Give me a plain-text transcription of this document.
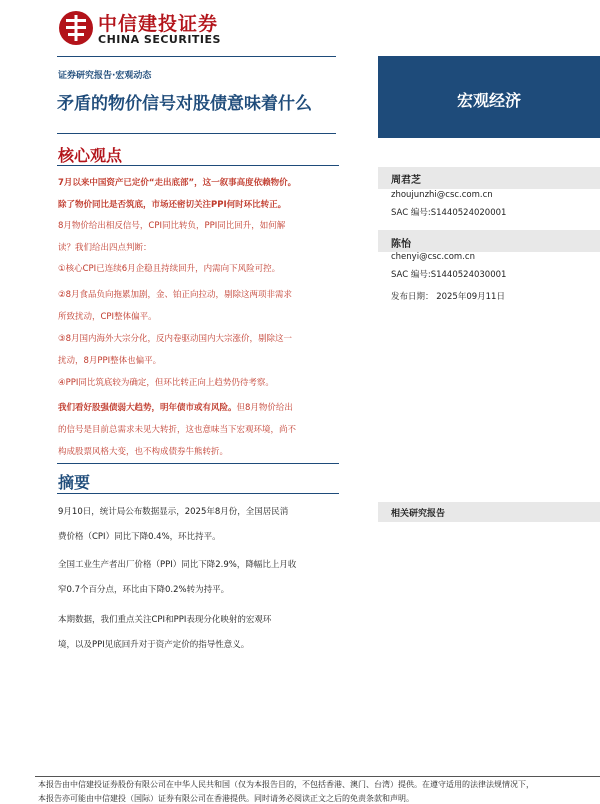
中信建投证券
CHINA SECURITIES
证券研究报告·宏观动态
矛盾的物价信号对股债意味着什么	宏观经济
核心观点
7月以来中国资产已定价“走出底部”，这一叙事高度依赖物价。
除了物价同比是否筑底，市场还密切关注PPI何时环比转正。
8月物价给出相反信号，CPI同比转负，PPI同比回升，如何解
读？我们给出四点判断：
①核心CPI已连续6月企稳且持续回升，内需向下风险可控。
②8月食品负向拖累加剧，金、铂正向拉动，剔除这两项非需求
所致扰动，CPI整体偏平。
③8月国内海外大宗分化，反内卷驱动国内大宗涨价，剔除这一
扰动，8月PPI整体也偏平。
④PPI同比筑底较为确定，但环比转正向上趋势仍待考察。
我们看好股强债弱大趋势，明年债市或有风险。但8月物价给出
的信号是目前总需求未见大转折，这也意味当下宏观环境，尚不
构成股票风格大变，也不构成债券牛熊转折。
摘要
9月10日，统计局公布数据显示，2025年8月份，全国居民消
费价格（CPI）同比下降0.4%，环比持平。
全国工业生产者出厂价格（PPI）同比下降2.9%，降幅比上月收
窄0.7个百分点，环比由下降0.2%转为持平。
本期数据，我们重点关注CPI和PPI表现分化映射的宏观环
境，以及PPI见底回升对于资产定价的指导性意义。
周君芝
zhoujunzhi@csc.com.cn
SAC 编号:S1440524020001
陈怡
chenyi@csc.com.cn
SAC 编号:S1440524030001
发布日期： 2025年09月11日
相关研究报告
本报告由中信建投证券股份有限公司在中华人民共和国（仅为本报告目的，不包括香港、澳门、台湾）提供。在遵守适用的法律法规情况下，
本报告亦可能由中信建投（国际）证券有限公司在香港提供。同时请务必阅读正文之后的免责条款和声明。
